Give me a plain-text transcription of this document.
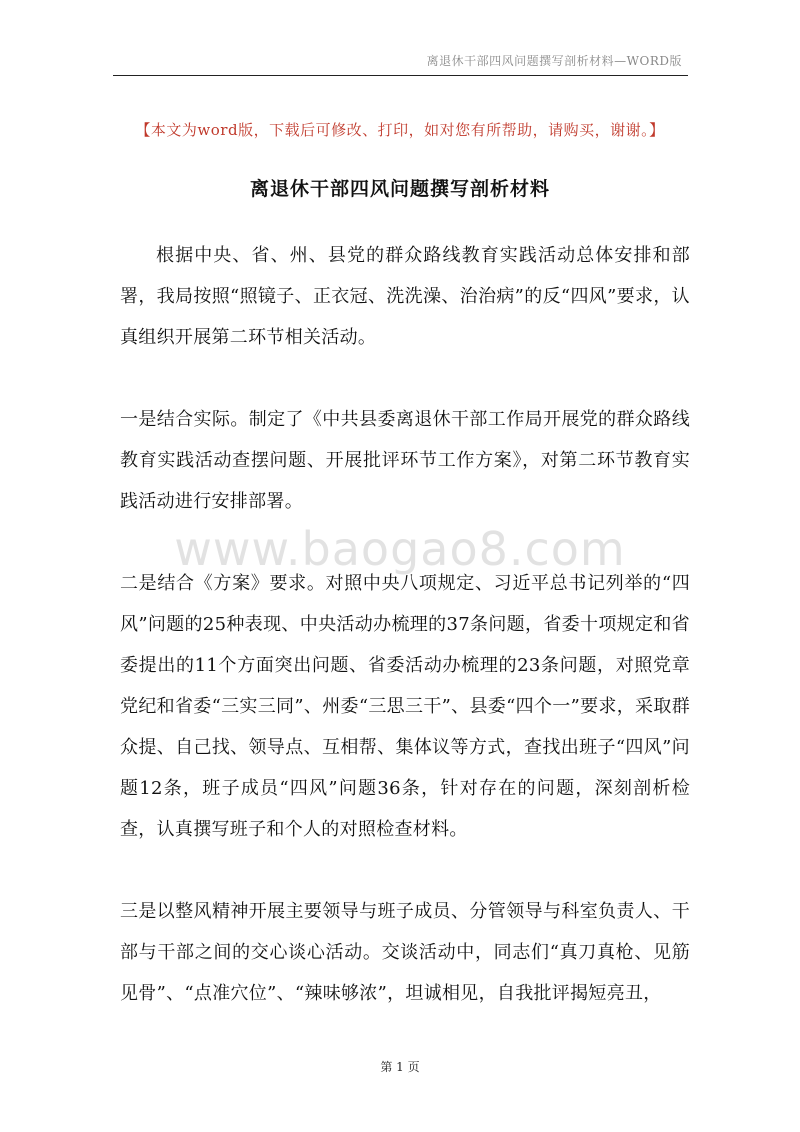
离退休干部四风问题撰写剖析材料—WORD版
【本文为word版，下载后可修改、打印，如对您有所帮助，请购买，谢谢。】
离退休干部四风问题撰写剖析材料

根据中央、省、州、县党的群众路线教育实践活动总体安排和部署，我局按照“照镜子、正衣冠、洗洗澡、治治病”的反“四风”要求，认真组织开展第二环节相关活动。

一是结合实际。制定了《中共县委离退休干部工作局开展党的群众路线教育实践活动查摆问题、开展批评环节工作方案》，对第二环节教育实践活动进行安排部署。

二是结合《方案》要求。对照中央八项规定、习近平总书记列举的“四风”问题的25种表现、中央活动办梳理的37条问题，省委十项规定和省委提出的11个方面突出问题、省委活动办梳理的23条问题，对照党章党纪和省委“三实三同”、州委“三思三干”、县委“四个一”要求，采取群众提、自己找、领导点、互相帮、集体议等方式，查找出班子“四风”问题12条，班子成员“四风”问题36条，针对存在的问题，深刻剖析检查，认真撰写班子和个人的对照检查材料。

三是以整风精神开展主要领导与班子成员、分管领导与科室负责人、干部与干部之间的交心谈心活动。交谈活动中，同志们“真刀真枪、见筋见骨”、“点准穴位”、“辣味够浓”，坦诚相见，自我批评揭短亮丑，

www.baogao8.com
第 1 页
